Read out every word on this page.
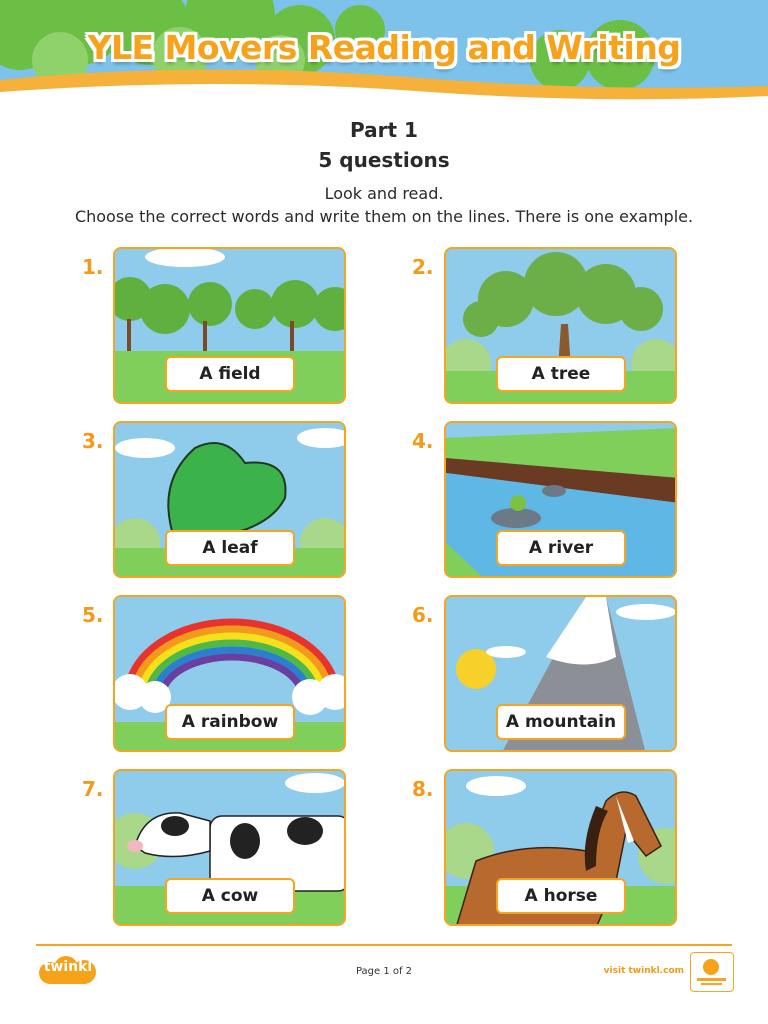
YLE Movers Reading and Writing
Part 1
5 questions
Look and read.
Choose the correct words and write them on the lines. There is one example.
1.
A field
2.
A tree
3.
A leaf
4.
A river
5.
A rainbow
6.
A mountain
7.
A cow
8.
A horse
twinkl	Page 1 of 2	visit twinkl.com
